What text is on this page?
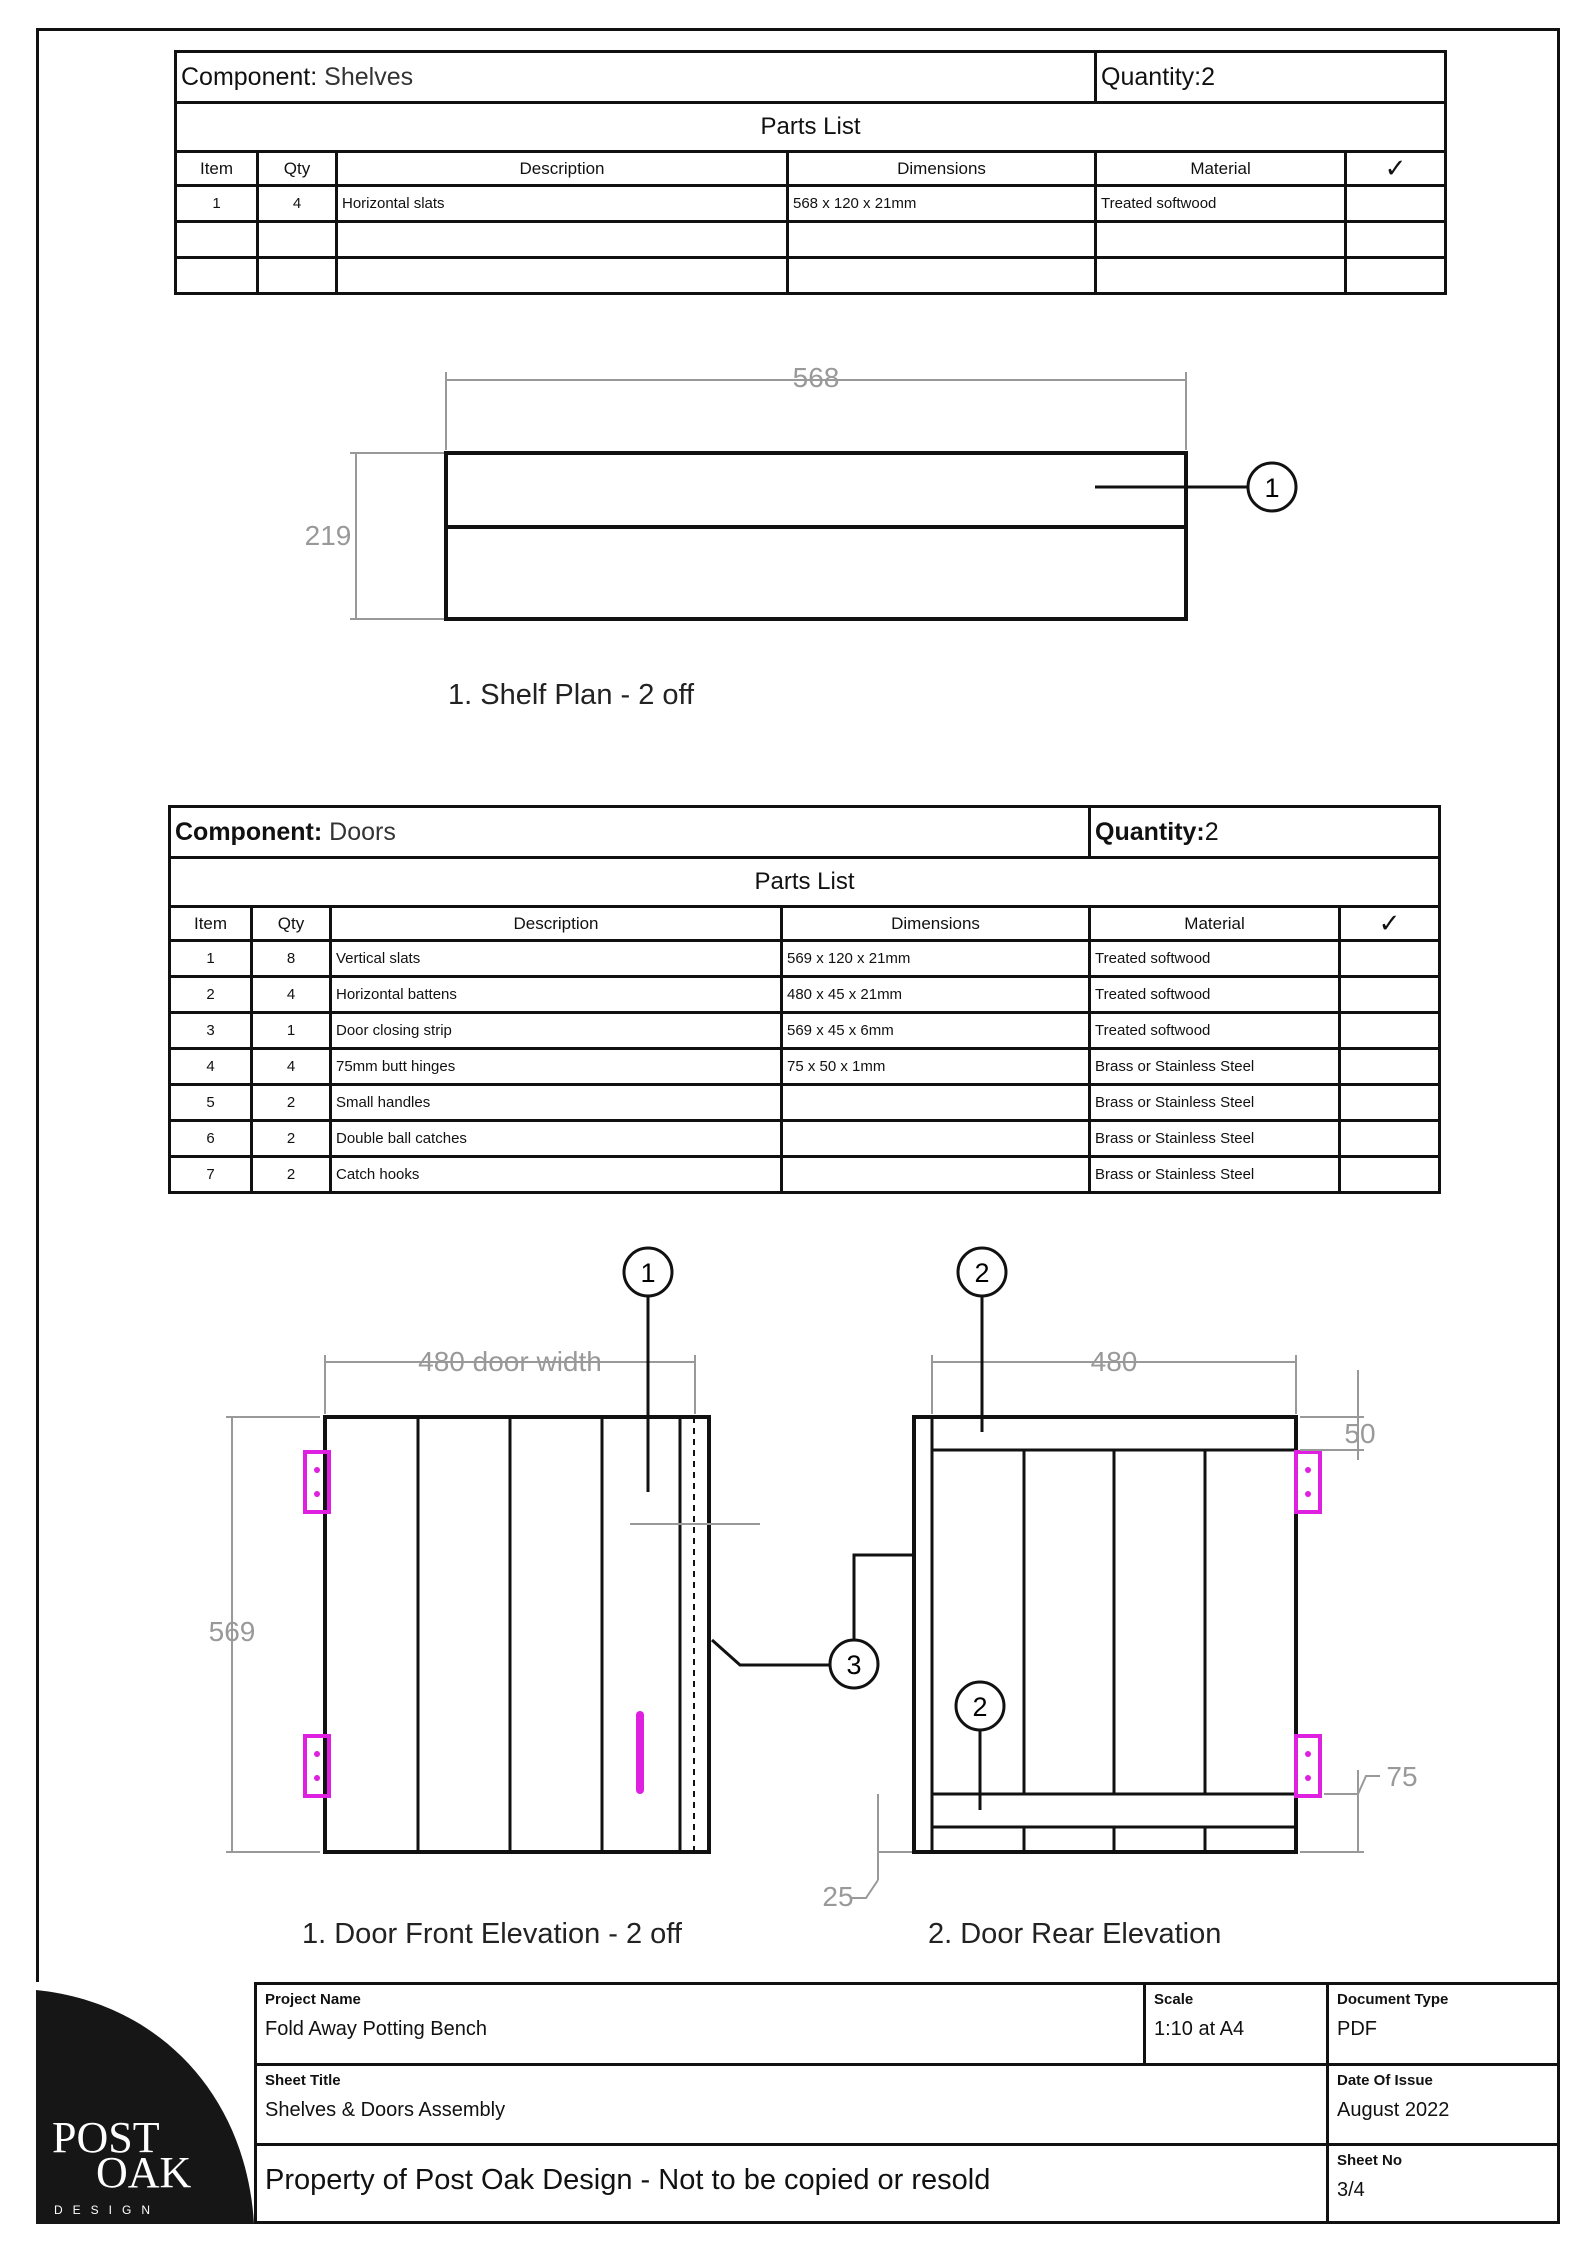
Component: Shelves				Quantity:2	
Parts List					
Item	Qty	Description	Dimensions	Material	✓
1	4	Horizontal slats	568 x 120 x 21mm	Treated softwood	

Component: Doors				Quantity:2	
Parts List					
Item	Qty	Description	Dimensions	Material	✓
1	8	Vertical slats	569 x 120 x 21mm	Treated softwood	
2	4	Horizontal battens	480 x 45 x 21mm	Treated softwood	
3	1	Door closing strip	569 x 45 x 6mm	Treated softwood	
4	4	75mm butt hinges	75 x 50 x 1mm	Brass or Stainless Steel	
5	2	Small handles		Brass or Stainless Steel	
6	2	Double ball catches		Brass or Stainless Steel	
7	2	Catch hooks		Brass or Stainless Steel	
568
219
1
480 door width
569
1
3
480
50
75
25
2
2
1. Shelf Plan - 2 off
1. Door Front Elevation - 2 off	2. Door Rear Elevation
POST
OAK
DESIGN
Project Name
Fold Away Potting Bench
Scale
1:10 at A4
Document Type
PDF
Sheet Title
Shelves & Doors Assembly
Date Of Issue
August 2022
Property of Post Oak Design - Not to be copied or resold
Sheet No
3/4
